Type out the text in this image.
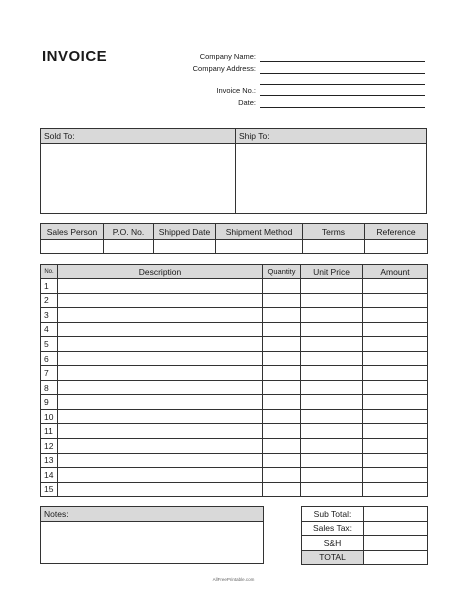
INVOICE	Company Name:
Company Address:
Invoice No.:
Date:
Sold To:	Ship To:
Sales Person	P.O. No.	Shipped Date	Shipment Method	Terms	Reference

No.	Description	Quantity	Unit Price	Amount
1				
2				
3				
4				
5				
6				
7				
8				
9				
10				
11				
12				
13				
14				
15				
Notes:	Sub Total:	
Sales Tax:	
S&H	
TOTAL	
AllFreePrintable.com
